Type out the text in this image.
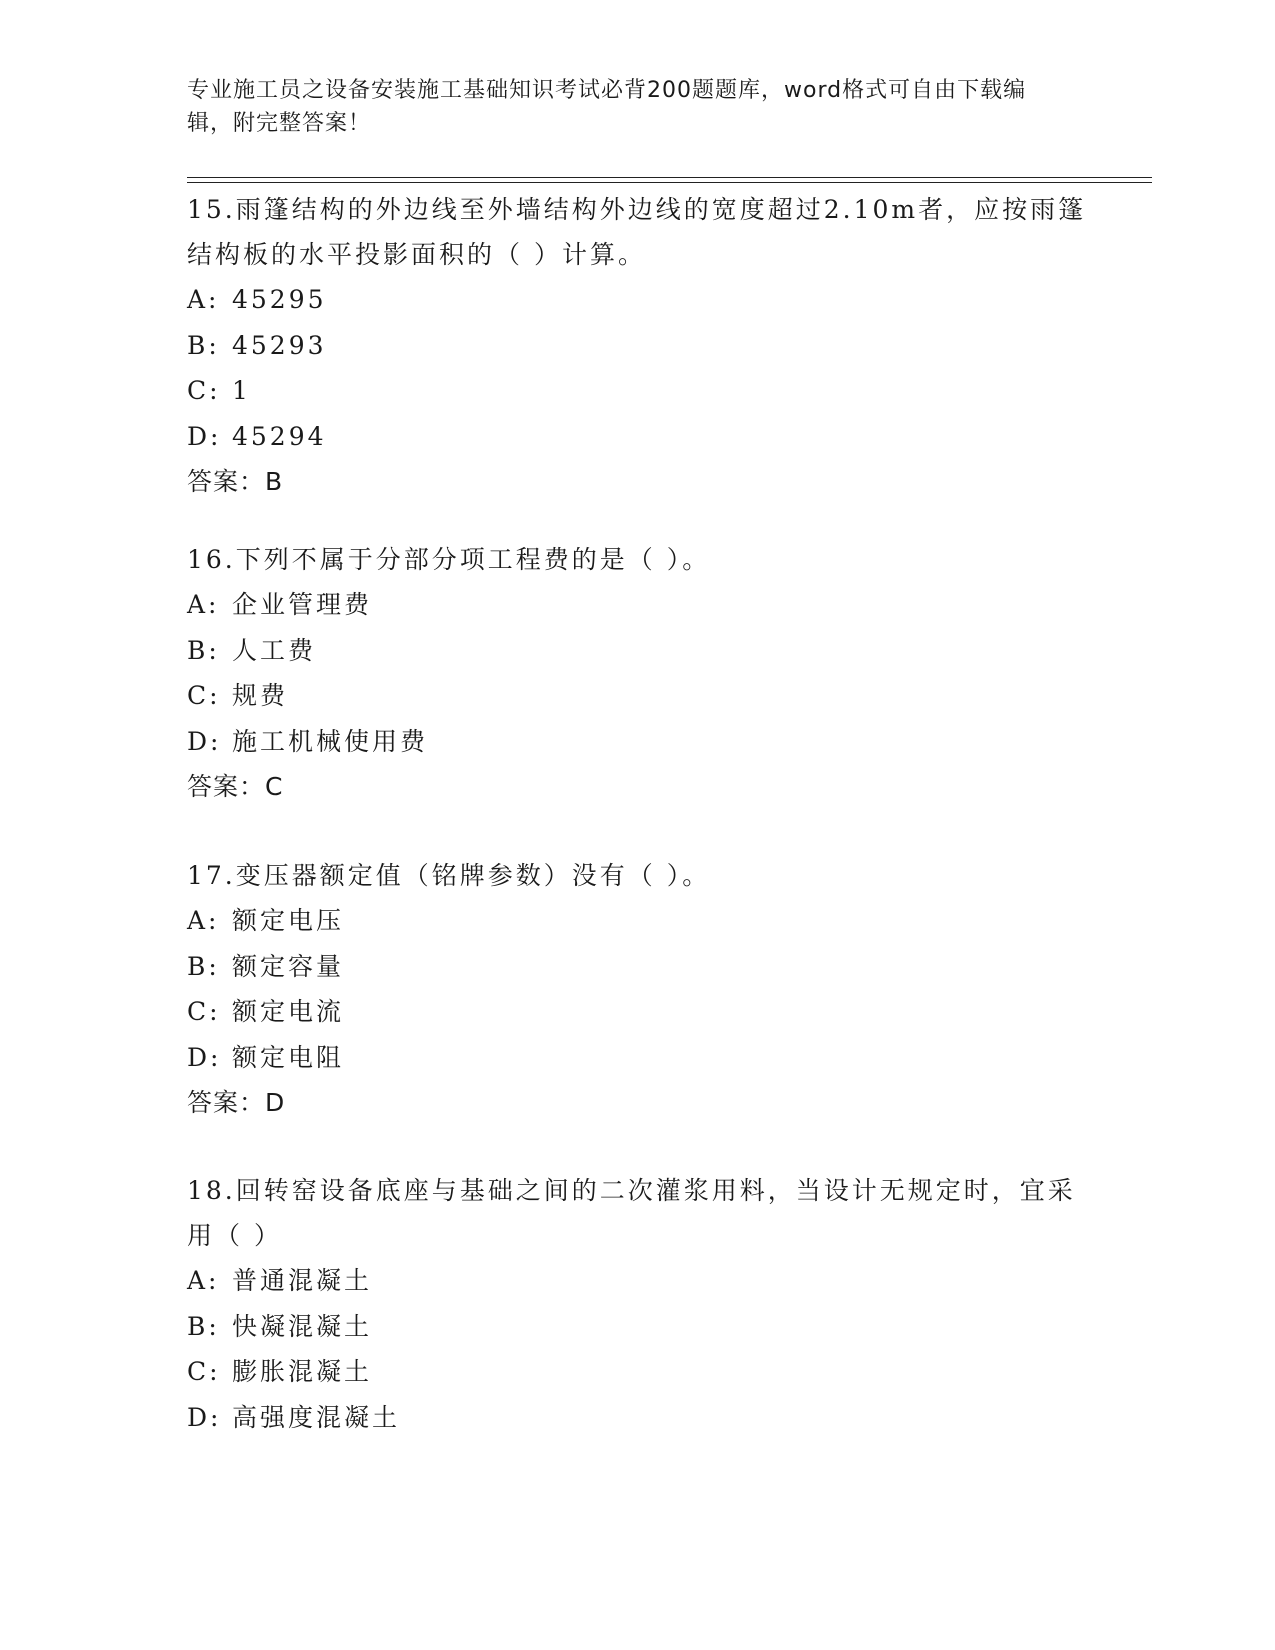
专业施工员之设备安装施工基础知识考试必背200题题库，word格式可自由下载编辑，附完整答案！

15.雨篷结构的外边线至外墙结构外边线的宽度超过2.10m者，应按雨篷结构板的水平投影面积的（ ）计算。

A: 45295

B: 45293

C: 1

D: 45294

答案：B

16.下列不属于分部分项工程费的是（ ）。

A: 企业管理费

B: 人工费

C: 规费

D: 施工机械使用费

答案：C

17.变压器额定值（铭牌参数）没有（ ）。

A: 额定电压

B: 额定容量

C: 额定电流

D: 额定电阻

答案：D

18.回转窑设备底座与基础之间的二次灌浆用料，当设计无规定时，宜采用（ ）

A: 普通混凝土

B: 快凝混凝土

C: 膨胀混凝土

D: 高强度混凝土
